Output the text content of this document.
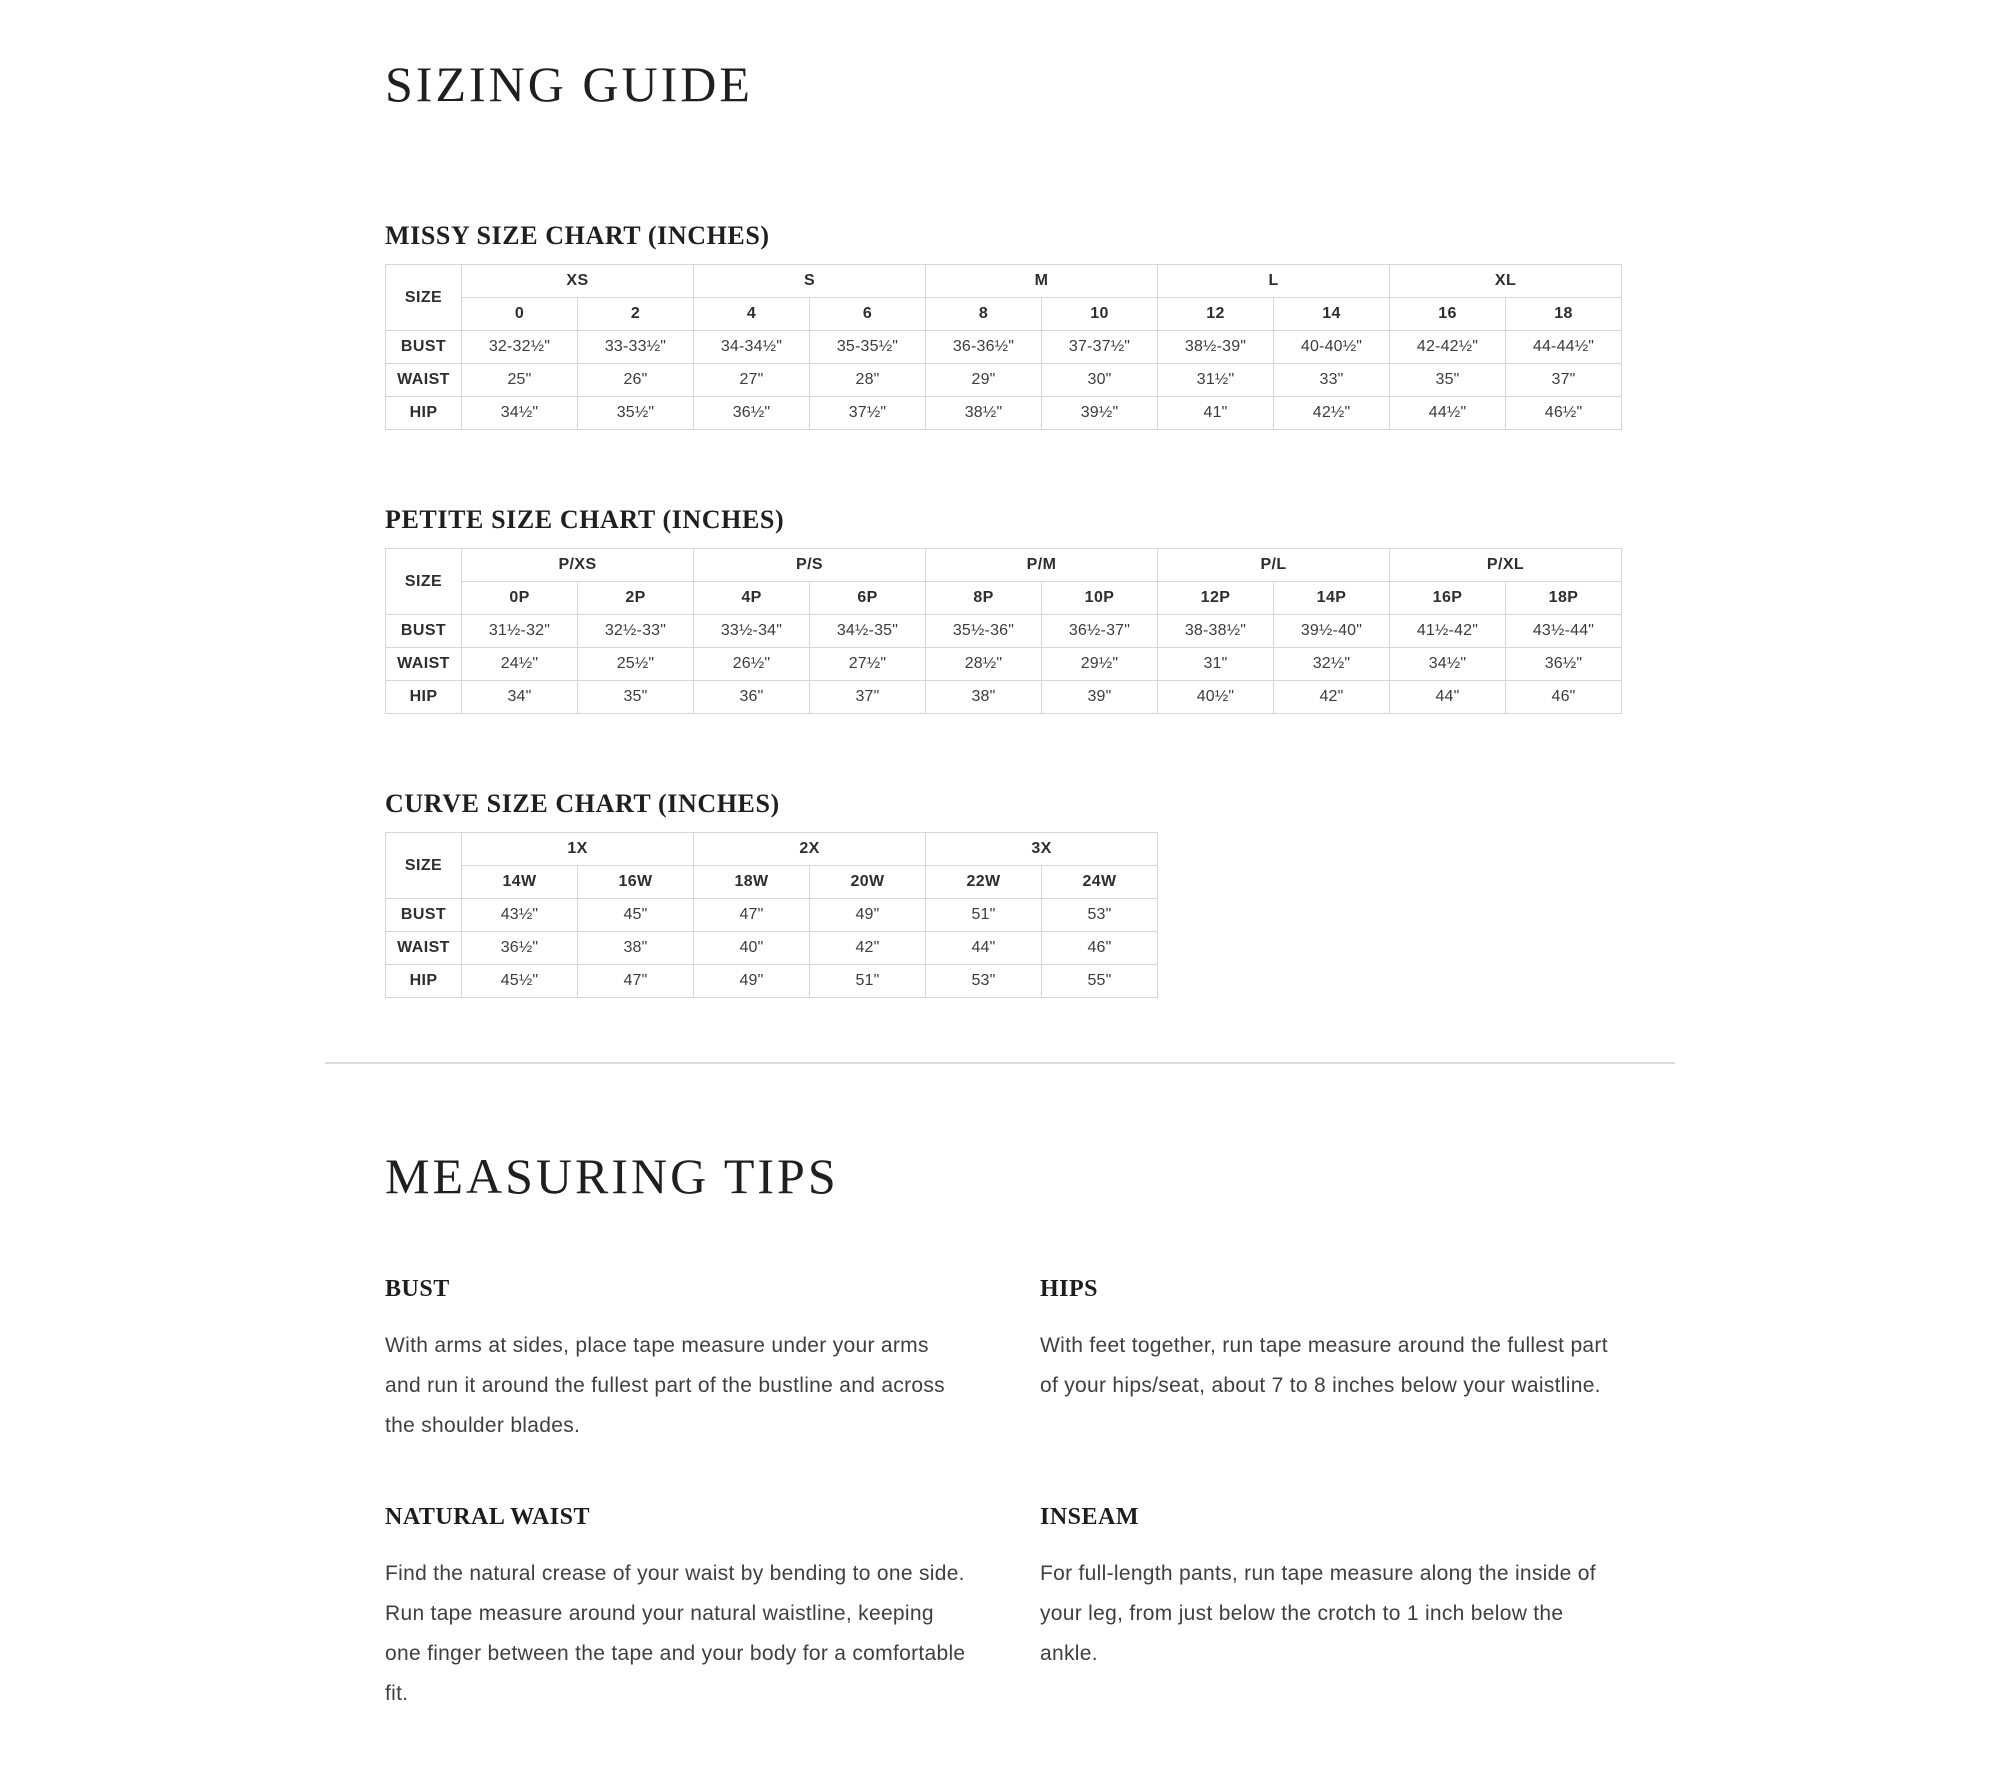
SIZING GUIDE
MISSY SIZE CHART (INCHES)
SIZE	XS		S		M		L		XL	
	0	2	4	6	8	10	12	14	16	18
BUST	32-32½"	33-33½"	34-34½"	35-35½"	36-36½"	37-37½"	38½-39"	40-40½"	42-42½"	44-44½"
WAIST	25"	26"	27"	28"	29"	30"	31½"	33"	35"	37"
HIP	34½"	35½"	36½"	37½"	38½"	39½"	41"	42½"	44½"	46½"
PETITE SIZE CHART (INCHES)
SIZE	P/XS		P/S		P/M		P/L		P/XL	
	0P	2P	4P	6P	8P	10P	12P	14P	16P	18P
BUST	31½-32"	32½-33"	33½-34"	34½-35"	35½-36"	36½-37"	38-38½"	39½-40"	41½-42"	43½-44"
WAIST	24½"	25½"	26½"	27½"	28½"	29½"	31"	32½"	34½"	36½"
HIP	34"	35"	36"	37"	38"	39"	40½"	42"	44"	46"
CURVE SIZE CHART (INCHES)
SIZE	1X		2X		3X	
	14W	16W	18W	20W	22W	24W
BUST	43½"	45"	47"	49"	51"	53"
WAIST	36½"	38"	40"	42"	44"	46"
HIP	45½"	47"	49"	51"	53"	55"
MEASURING TIPS
BUST

With arms at sides, place tape measure under your arms and run it around the fullest part of the bustline and across the shoulder blades.

HIPS

With feet together, run tape measure around the fullest part of your hips/seat, about 7 to 8 inches below your waistline.

NATURAL WAIST

Find the natural crease of your waist by bending to one side. Run tape measure around your natural waistline, keeping one finger between the tape and your body for a comfortable fit.

INSEAM

For full-length pants, run tape measure along the inside of your leg, from just below the crotch to 1 inch below the ankle.
